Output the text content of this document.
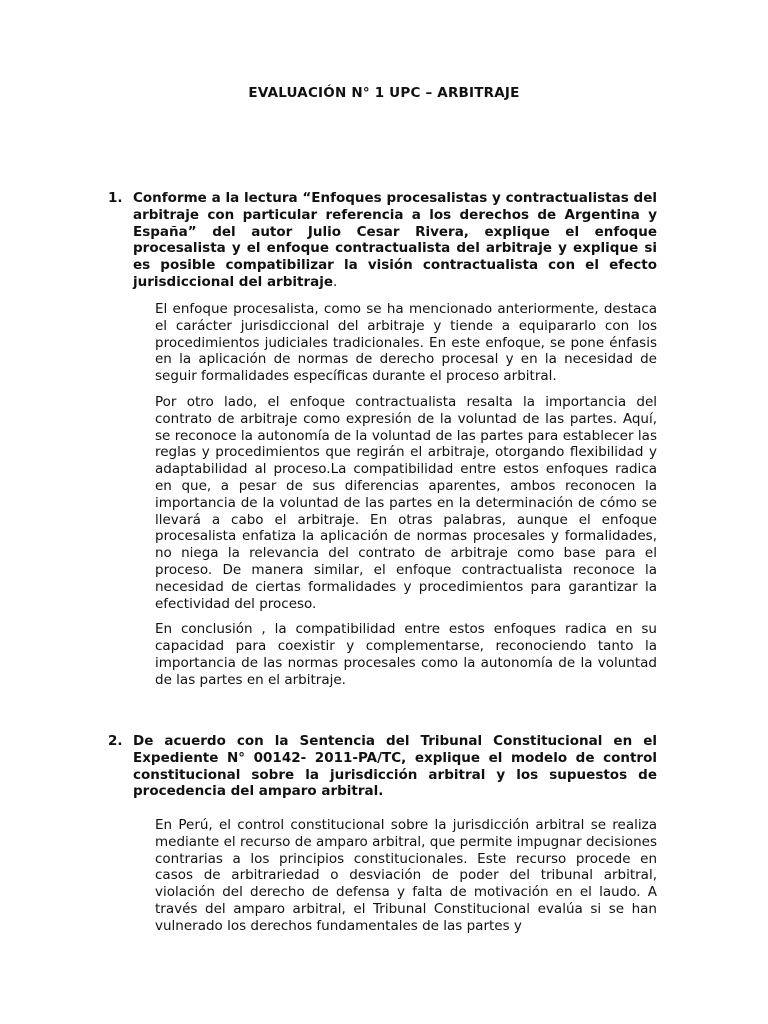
EVALUACIÓN N° 1 UPC – ARBITRAJE
1. Conforme a la lectura “Enfoques procesalistas y contractualistas del arbitraje con particular referencia a los derechos de Argentina y España” del autor Julio Cesar Rivera, explique el enfoque procesalista y el enfoque contractualista del arbitraje y explique si es posible compatibilizar la visión contractualista con el efecto jurisdiccional del arbitraje.

El enfoque procesalista, como se ha mencionado anteriormente, destaca el carácter jurisdiccional del arbitraje y tiende a equipararlo con los procedimientos judiciales tradicionales. En este enfoque, se pone énfasis en la aplicación de normas de derecho procesal y en la necesidad de seguir formalidades específicas durante el proceso arbitral.

Por otro lado, el enfoque contractualista resalta la importancia del contrato de arbitraje como expresión de la voluntad de las partes. Aquí, se reconoce la autonomía de la voluntad de las partes para establecer las reglas y procedimientos que regirán el arbitraje, otorgando flexibilidad y adaptabilidad al proceso.La compatibilidad entre estos enfoques radica en que, a pesar de sus diferencias aparentes, ambos reconocen la importancia de la voluntad de las partes en la determinación de cómo se llevará a cabo el arbitraje. En otras palabras, aunque el enfoque procesalista enfatiza la aplicación de normas procesales y formalidades, no niega la relevancia del contrato de arbitraje como base para el proceso. De manera similar, el enfoque contractualista reconoce la necesidad de ciertas formalidades y procedimientos para garantizar la efectividad del proceso.

En conclusión , la compatibilidad entre estos enfoques radica en su capacidad para coexistir y complementarse, reconociendo tanto la importancia de las normas procesales como la autonomía de la voluntad de las partes en el arbitraje.

2. De acuerdo con la Sentencia del Tribunal Constitucional en el Expediente N° 00142- 2011-PA/TC, explique el modelo de control constitucional sobre la jurisdicción arbitral y los supuestos de procedencia del amparo arbitral.

En Perú, el control constitucional sobre la jurisdicción arbitral se realiza mediante el recurso de amparo arbitral, que permite impugnar decisiones contrarias a los principios constitucionales. Este recurso procede en casos de arbitrariedad o desviación de poder del tribunal arbitral, violación del derecho de defensa y falta de motivación en el laudo. A través del amparo arbitral, el Tribunal Constitucional evalúa si se han vulnerado los derechos fundamentales de las partes y
